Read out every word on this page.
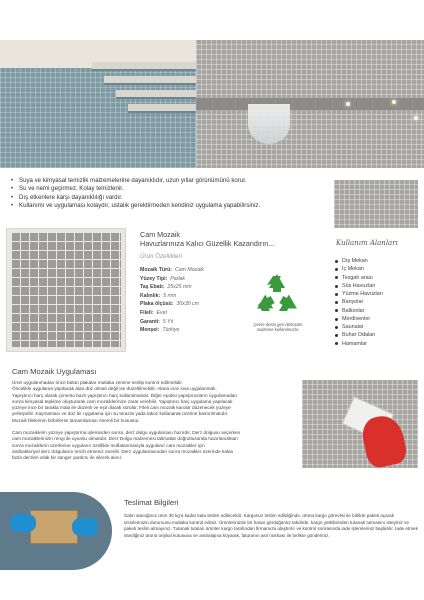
• Suya ve kimyasal temizlik malzemelerine dayanıklıdır, uzun yıllar görünümünü korur.
• Su ve nemi geçirmez. Kolay temizlenir.
• Dış etkenlere karşı dayanıklılığı vardır.
• Kullanımı ve uygulaması kolaydır, ustalık gerektirmeden kendiniz uygulama yapabilirsiniz.
Cam Mozaik
Havuzlarınıza Kalıcı Güzellik Kazandırın...
Ürün Özellikleri
Mozaik Türü: Cam Mozaik
Yüzey Tipi: Parlak
Taş Ebatı: 25x25 mm
Kalınlık: 5 mm
Plaka ölçüsü: 30x30 cm
Fileli: Evet
Garanti: 5 Yıl
Menşei: Türkiye
Çevre dostu geri dönüşüm malzeme kullanılmıştır.
Kullanım Alanları
Dış Mekan
İç Mekan
Tezgah arası
Süs Havuzları
Yüzme Havuzları
Banyolar
Balkonlar
Merdivenler
Saunalar
Buhar Odaları
Hamamlar
Cam Mozaik Uygulaması

Ürün uygulanmadan önce bütün plakalar mutlaka zemine serilip kontrol edilmelidir.

Öncelikle uygulama yapılacak alan düz olmalı değil ise düzeltilmelidir. Alana ince sıva uygulanmalı.

Yapıştırıcı harç olarak çimento bazlı yapıştırıcı harç kullanılmalıdır. Diğer epoksi yapıştırıcıların uygulamadan

sonra kimyasal tepkime oluşturarak cam mozaiklerinize zarar verebilir. Yapıştırıcı harç uygulama yapılacak

yüzeye ince bir tarakla mala ile düzenli ve eşit olarak sürülür. Fileli cam mozaik karolar düzenecek yüzeye

yerleştirilir. Kaymaması ve düz bir uygulama için su terazisi yada takoz kullanarak üzerine bastırılmalıdır.

Mozaik filelerinin birbirlerini tamamlaması önemli bir husustur.

Cam mozaiklerin yüzeye yapıştırma işleminden sonra, derz dolgu uygulaması hazırdır. Derz dolgusu seçerken

cam mozaiklerinizin rengi ile uyumlu olmalıdır. Derz Dolgu malzemesi talimatlar doğrultusunda hazırlandıktan

sonra mozaiklerin üzerlerine uygulanır özellikle muflalanmasıyla uygulanır cam mozaikler için

antibakteriyel derz dolgularını tercih etmeniz önerilir. Derz uygulamasından sonra mozaikler üzerinde kalan

fazla derzleri ıslak bir sünger yardımı ile silerek alınır.

Teslimat Bilgileri
Satın alacağınız ürün 30 kg'a kadar kata teslim edilecektir. Kargonuz teslim edildiğinde, ürünü kargo görevlisi ile birlikte paketi açarak ürünlerinizin durumunu mutlaka kontrol ediniz. Ürünlerinizde bir hasar gördüğünüz takdirde, kargo yetkilisinden tutanak tutmasını isteyiniz ve paketi teslim almayınız. Tutanak tutulan ürünler kargo tarafından firmamıza ulaştırılır ve kontrol sonrasında iade işlemleriniz başlatılır. İade etmek istediğiniz ürünü orijinal kutusuna ve ambalajına koyarak, faturanın asıl nüshası ile birlikte gönderiniz.
